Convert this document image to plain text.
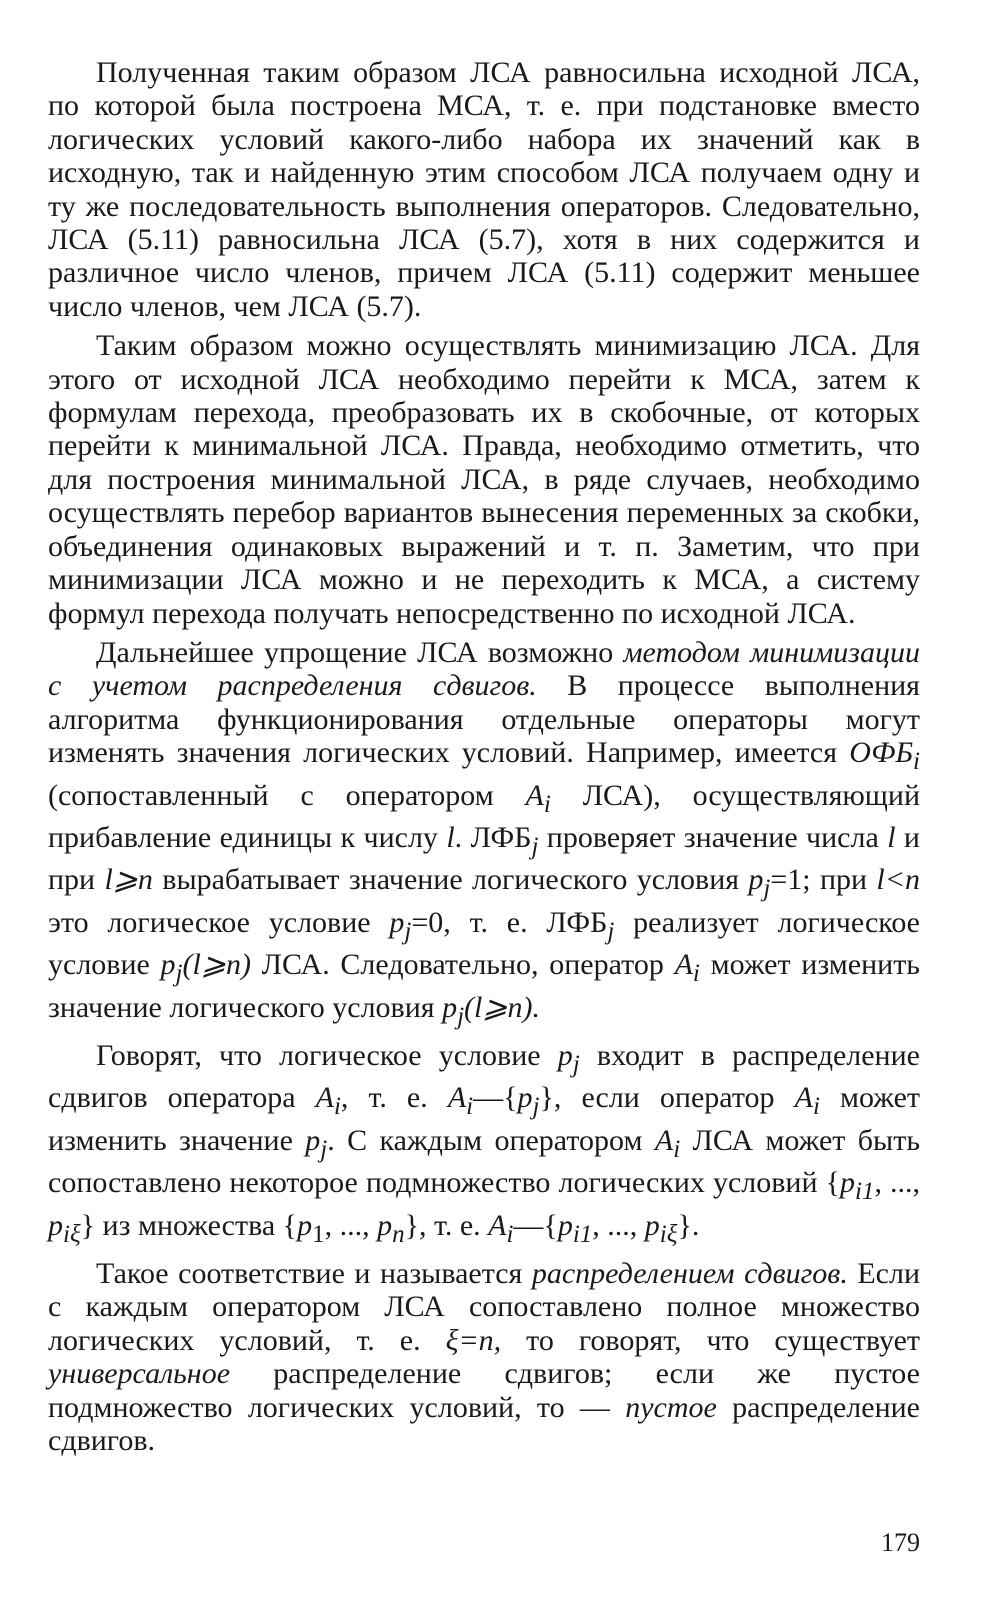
Полученная таким образом ЛСА равносильна исходной ЛСА, по которой была построена МСА, т. е. при подстановке вместо логических условий какого-либо набора их значений как в исходную, так и найденную этим способом ЛСА получаем одну и ту же последовательность выполнения операторов. Следовательно, ЛСА (5.11) равносильна ЛСА (5.7), хотя в них содержится и различное число членов, причем ЛСА (5.11) содержит меньшее число членов, чем ЛСА (5.7).

Таким образом можно осуществлять минимизацию ЛСА. Для этого от исходной ЛСА необходимо перейти к МСА, затем к формулам перехода, преобразовать их в скобочные, от которых перейти к минимальной ЛСА. Правда, необходимо отметить, что для построения минимальной ЛСА, в ряде случаев, необходимо осуществлять перебор вариантов вынесения переменных за скобки, объединения одинаковых выражений и т. п. Заметим, что при минимизации ЛСА можно и не переходить к МСА, а систему формул перехода получать непосредственно по исходной ЛСА.

Дальнейшее упрощение ЛСА возможно методом минимизации с учетом распределения сдвигов. В процессе выполнения алгоритма функционирования отдельные операторы могут изменять значения логических условий. Например, имеется $ОФБ_i$ (сопоставленный с оператором $A_i$ ЛСА), осуществляющий прибавление единицы к числу l. $ЛФБ_j$ проверяет значение числа l и при l⩾n вырабатывает значение логического условия $p_j=1$; при l<n это логическое условие $p_j=0$, т. е. $ЛФБ_j$ реализует логическое условие $p_j(l⩾n)$ ЛСА. Следовательно, оператор $A_i$ может изменить значение логического условия $p_j(l⩾n)$.

Говорят, что логическое условие $p_j$ входит в распределение сдвигов оператора $A_i$, т. е. $A_i—\{p_j\}$, если оператор $A_i$ может изменить значение $p_j$. С каждым оператором $A_i$ ЛСА может быть сопоставлено некоторое подмножество логических условий {$p_{i1}$, ..., $p_{i\xi}$} из множества {$p_1$, ..., $p_n$}, т. е. $A_i—\{p_{i1}$, ..., $p_{i\xi}$}.

Такое соответствие и называется распределением сдвигов. Если с каждым оператором ЛСА сопоставлено полное множество логических условий, т. е. ξ=n, то говорят, что существует универсальное распределение сдвигов; если же пустое подмножество логических условий, то — пустое распределение сдвигов.

179
